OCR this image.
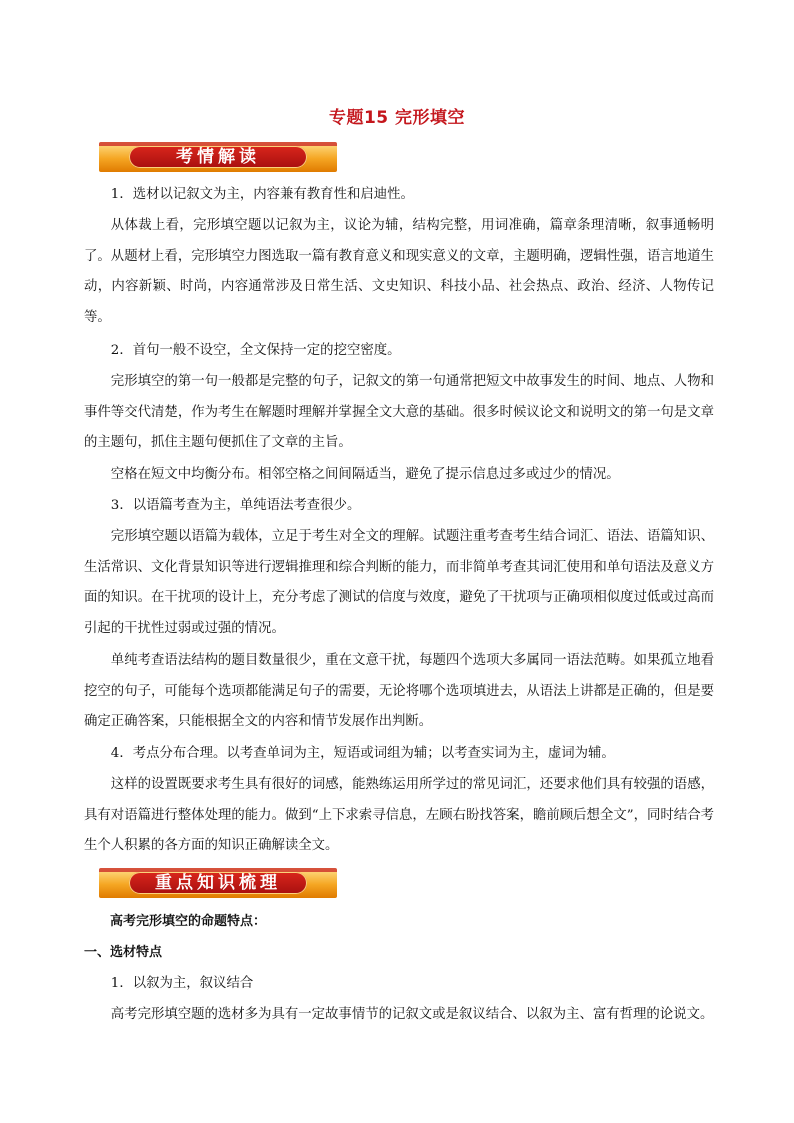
专题15 完形填空
考情解读

1．选材以记叙文为主，内容兼有教育性和启迪性。

从体裁上看，完形填空题以记叙为主，议论为辅，结构完整，用词准确，篇章条理清晰，叙事通畅明了。从题材上看，完形填空力图选取一篇有教育意义和现实意义的文章，主题明确，逻辑性强，语言地道生动，内容新颖、时尚，内容通常涉及日常生活、文史知识、科技小品、社会热点、政治、经济、人物传记等。

2．首句一般不设空，全文保持一定的挖空密度。

完形填空的第一句一般都是完整的句子，记叙文的第一句通常把短文中故事发生的时间、地点、人物和事件等交代清楚，作为考生在解题时理解并掌握全文大意的基础。很多时候议论文和说明文的第一句是文章的主题句，抓住主题句便抓住了文章的主旨。

空格在短文中均衡分布。相邻空格之间间隔适当，避免了提示信息过多或过少的情况。

3．以语篇考查为主，单纯语法考查很少。

完形填空题以语篇为载体，立足于考生对全文的理解。试题注重考查考生结合词汇、语法、语篇知识、生活常识、文化背景知识等进行逻辑推理和综合判断的能力，而非简单考查其词汇使用和单句语法及意义方面的知识。在干扰项的设计上，充分考虑了测试的信度与效度，避免了干扰项与正确项相似度过低或过高而引起的干扰性过弱或过强的情况。

单纯考查语法结构的题目数量很少，重在文意干扰，每题四个选项大多属同一语法范畴。如果孤立地看挖空的句子，可能每个选项都能满足句子的需要，无论将哪个选项填进去，从语法上讲都是正确的，但是要确定正确答案，只能根据全文的内容和情节发展作出判断。

4．考点分布合理。以考查单词为主，短语或词组为辅；以考查实词为主，虚词为辅。

这样的设置既要求考生具有很好的词感，能熟练运用所学过的常见词汇，还要求他们具有较强的语感，具有对语篇进行整体处理的能力。做到“上下求索寻信息，左顾右盼找答案，瞻前顾后想全文”，同时结合考生个人积累的各方面的知识正确解读全文。

重点知识梳理

高考完形填空的命题特点：

一、选材特点

1．以叙为主，叙议结合

高考完形填空题的选材多为具有一定故事情节的记叙文或是叙议结合、以叙为主、富有哲理的论说文。
